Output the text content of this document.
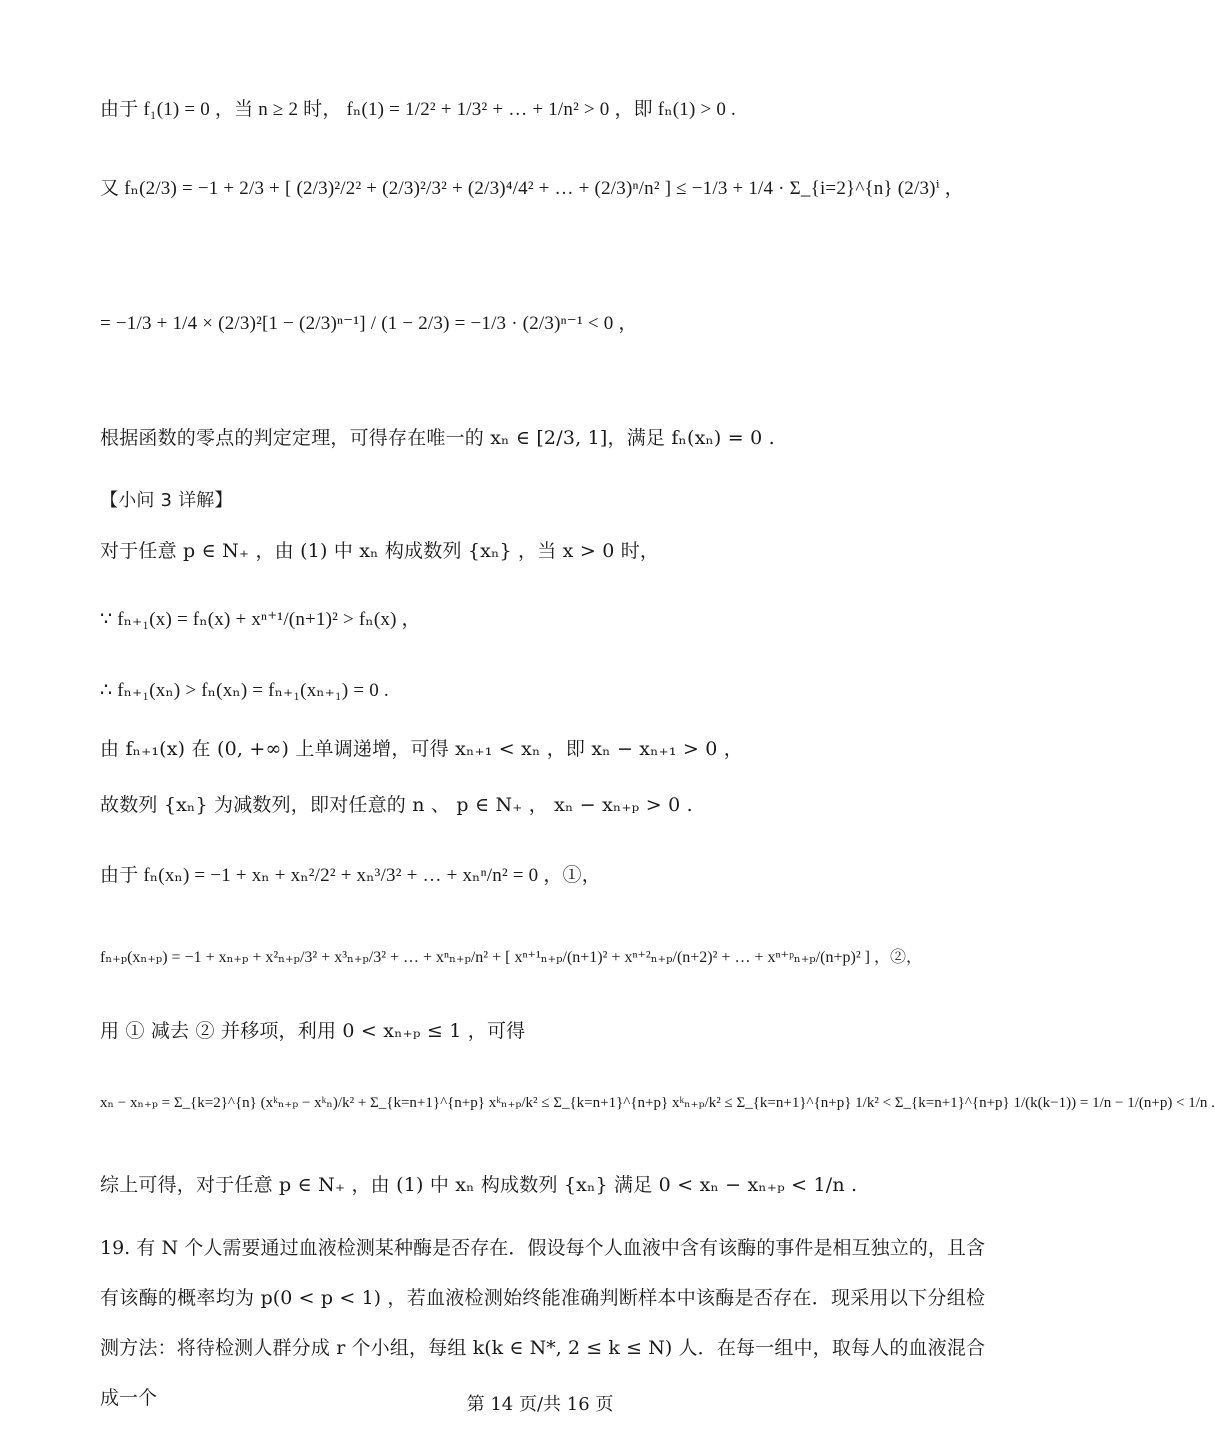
由于 f₁(1) = 0 ，当 n ≥ 2 时， fₙ(1) = 1/2² + 1/3² + … + 1/n² > 0 ，即 fₙ(1) > 0 .
又 fₙ(2/3) = −1 + 2/3 + [ (2/3)²/2² + (2/3)²/3² + (2/3)⁴/4² + … + (2/3)ⁿ/n² ] ≤ −1/3 + 1/4 · Σ_{i=2}^{n} (2/3)ⁱ ，
= −1/3 + 1/4 × (2/3)²[1 − (2/3)ⁿ⁻¹] / (1 − 2/3) = −1/3 · (2/3)ⁿ⁻¹ < 0 ，
根据函数的零点的判定定理，可得存在唯一的 xₙ ∈ [2/3, 1]，满足 fₙ(xₙ) = 0 .
【小问 3 详解】
对于任意 p ∈ N₊ ，由 (1) 中 xₙ 构成数列 {xₙ} ，当 x > 0 时，
∵ fₙ₊₁(x) = fₙ(x) + xⁿ⁺¹/(n+1)² > fₙ(x) ，
∴ fₙ₊₁(xₙ) > fₙ(xₙ) = fₙ₊₁(xₙ₊₁) = 0 .
由 fₙ₊₁(x) 在 (0, +∞) 上单调递增，可得 xₙ₊₁ < xₙ ，即 xₙ − xₙ₊₁ > 0 ，
故数列 {xₙ} 为减数列，即对任意的 n 、 p ∈ N₊ ， xₙ − xₙ₊ₚ > 0 .
由于 fₙ(xₙ) = −1 + xₙ + xₙ²/2² + xₙ³/3² + … + xₙⁿ/n² = 0 ，①，
fₙ₊ₚ(xₙ₊ₚ) = −1 + xₙ₊ₚ + x²ₙ₊ₚ/3² + x³ₙ₊ₚ/3² + … + xⁿₙ₊ₚ/n² + [ xⁿ⁺¹ₙ₊ₚ/(n+1)² + xⁿ⁺²ₙ₊ₚ/(n+2)² + … + xⁿ⁺ᵖₙ₊ₚ/(n+p)² ] ，②，
用 ① 减去 ② 并移项，利用 0 < xₙ₊ₚ ≤ 1 ，可得
xₙ − xₙ₊ₚ = Σ_{k=2}^{n} (xᵏₙ₊ₚ − xᵏₙ)/k² + Σ_{k=n+1}^{n+p} xᵏₙ₊ₚ/k² ≤ Σ_{k=n+1}^{n+p} xᵏₙ₊ₚ/k² ≤ Σ_{k=n+1}^{n+p} 1/k² < Σ_{k=n+1}^{n+p} 1/(k(k−1)) = 1/n − 1/(n+p) < 1/n .
综上可得，对于任意 p ∈ N₊ ，由 (1) 中 xₙ 构成数列 {xₙ} 满足 0 < xₙ − xₙ₊ₚ < 1/n .
19. 有 N 个人需要通过血液检测某种酶是否存在．假设每个人血液中含有该酶的事件是相互独立的，且含有该酶的概率均为 p(0 < p < 1) ，若血液检测始终能准确判断样本中该酶是否存在．现采用以下分组检测方法：将待检测人群分成 r 个小组，每组 k(k ∈ N*, 2 ≤ k ≤ N) 人．在每一组中，取每人的血液混合成一个	第 14 页/共 16 页
